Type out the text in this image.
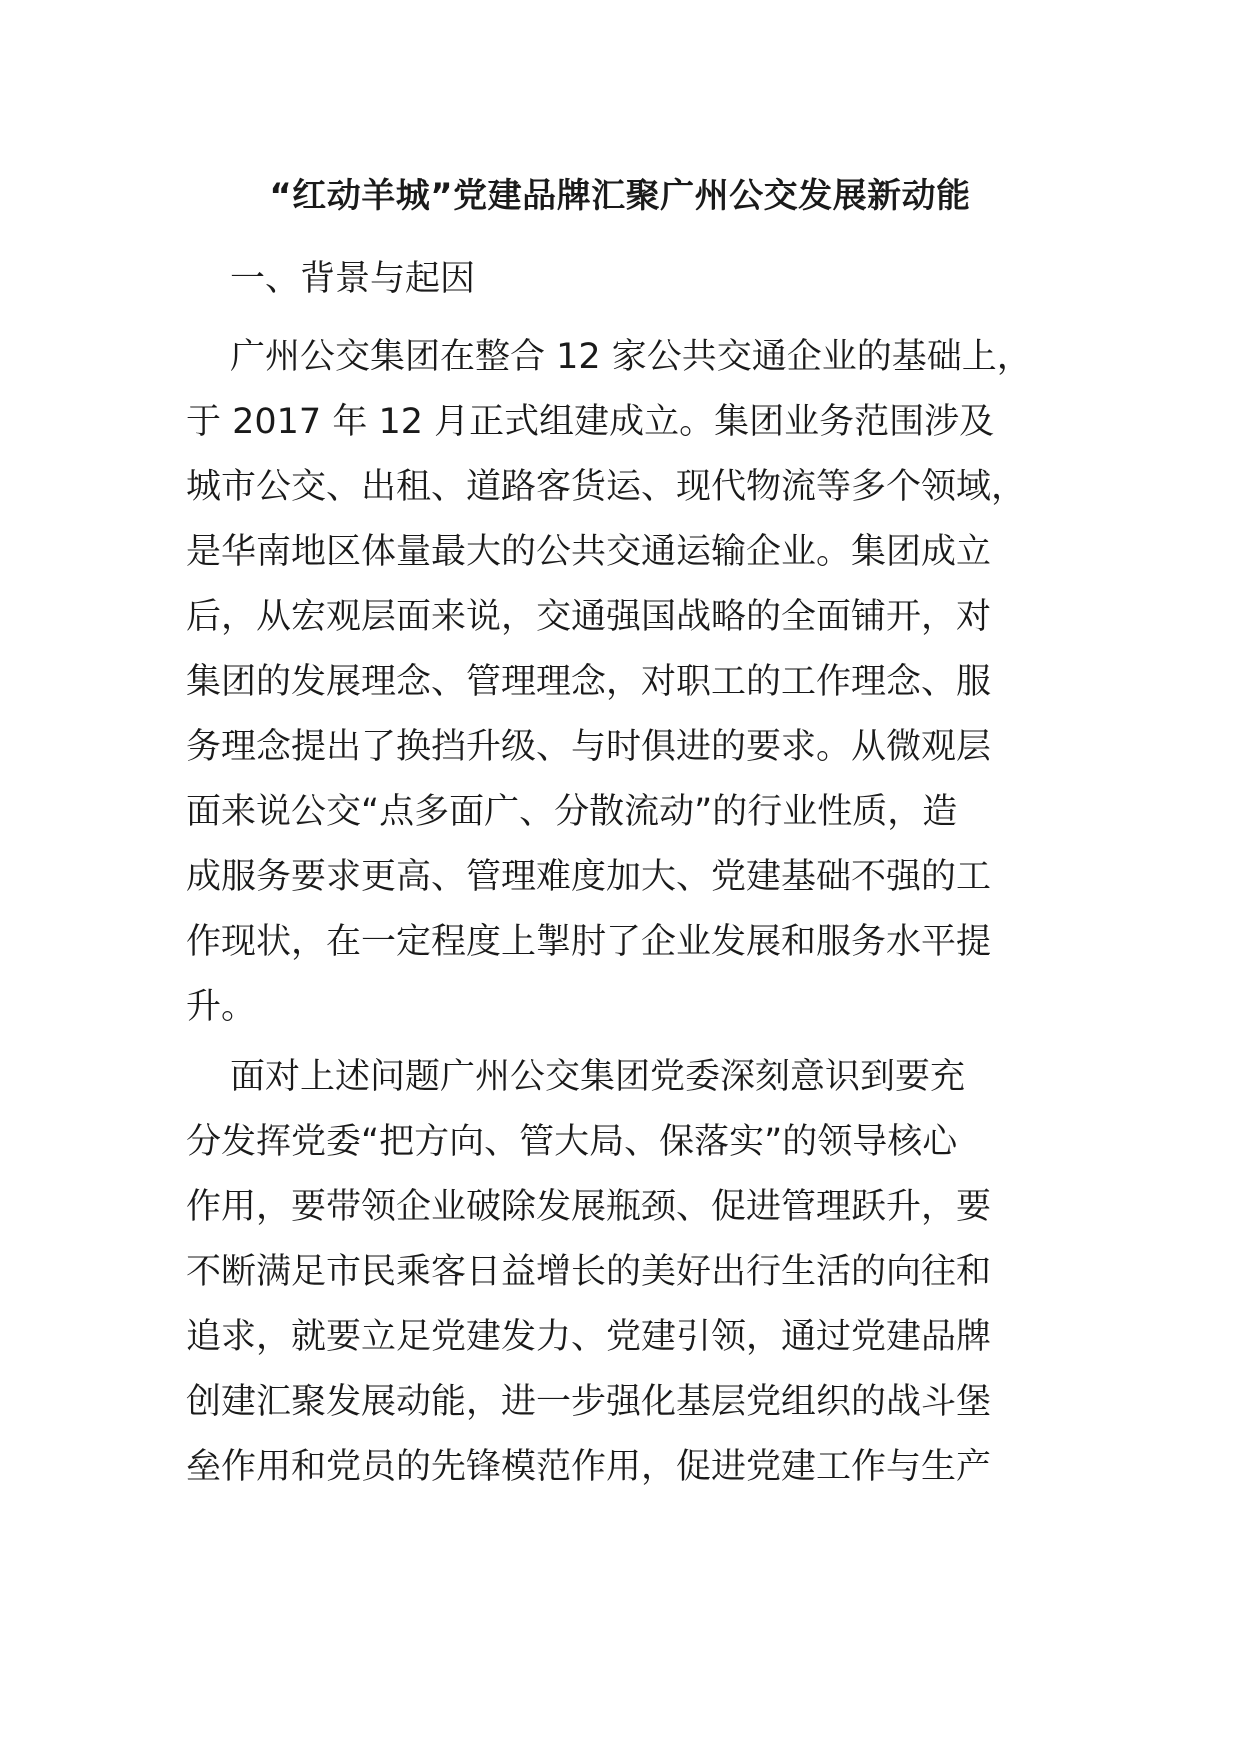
“红动羊城”党建品牌汇聚广州公交发展新动能
一、背景与起因
广州公交集团在整合 12 家公共交通企业的基础上，
于 2017 年 12 月正式组建成立。集团业务范围涉及
城市公交、出租、道路客货运、现代物流等多个领域，
是华南地区体量最大的公共交通运输企业。集团成立
后，从宏观层面来说，交通强国战略的全面铺开，对
集团的发展理念、管理理念，对职工的工作理念、服
务理念提出了换挡升级、与时俱进的要求。从微观层
面来说公交“点多面广、分散流动”的行业性质，造
成服务要求更高、管理难度加大、党建基础不强的工
作现状，在一定程度上掣肘了企业发展和服务水平提
升。
面对上述问题广州公交集团党委深刻意识到要充
分发挥党委“把方向、管大局、保落实”的领导核心
作用，要带领企业破除发展瓶颈、促进管理跃升，要
不断满足市民乘客日益增长的美好出行生活的向往和
追求，就要立足党建发力、党建引领，通过党建品牌
创建汇聚发展动能，进一步强化基层党组织的战斗堡
垒作用和党员的先锋模范作用，促进党建工作与生产
